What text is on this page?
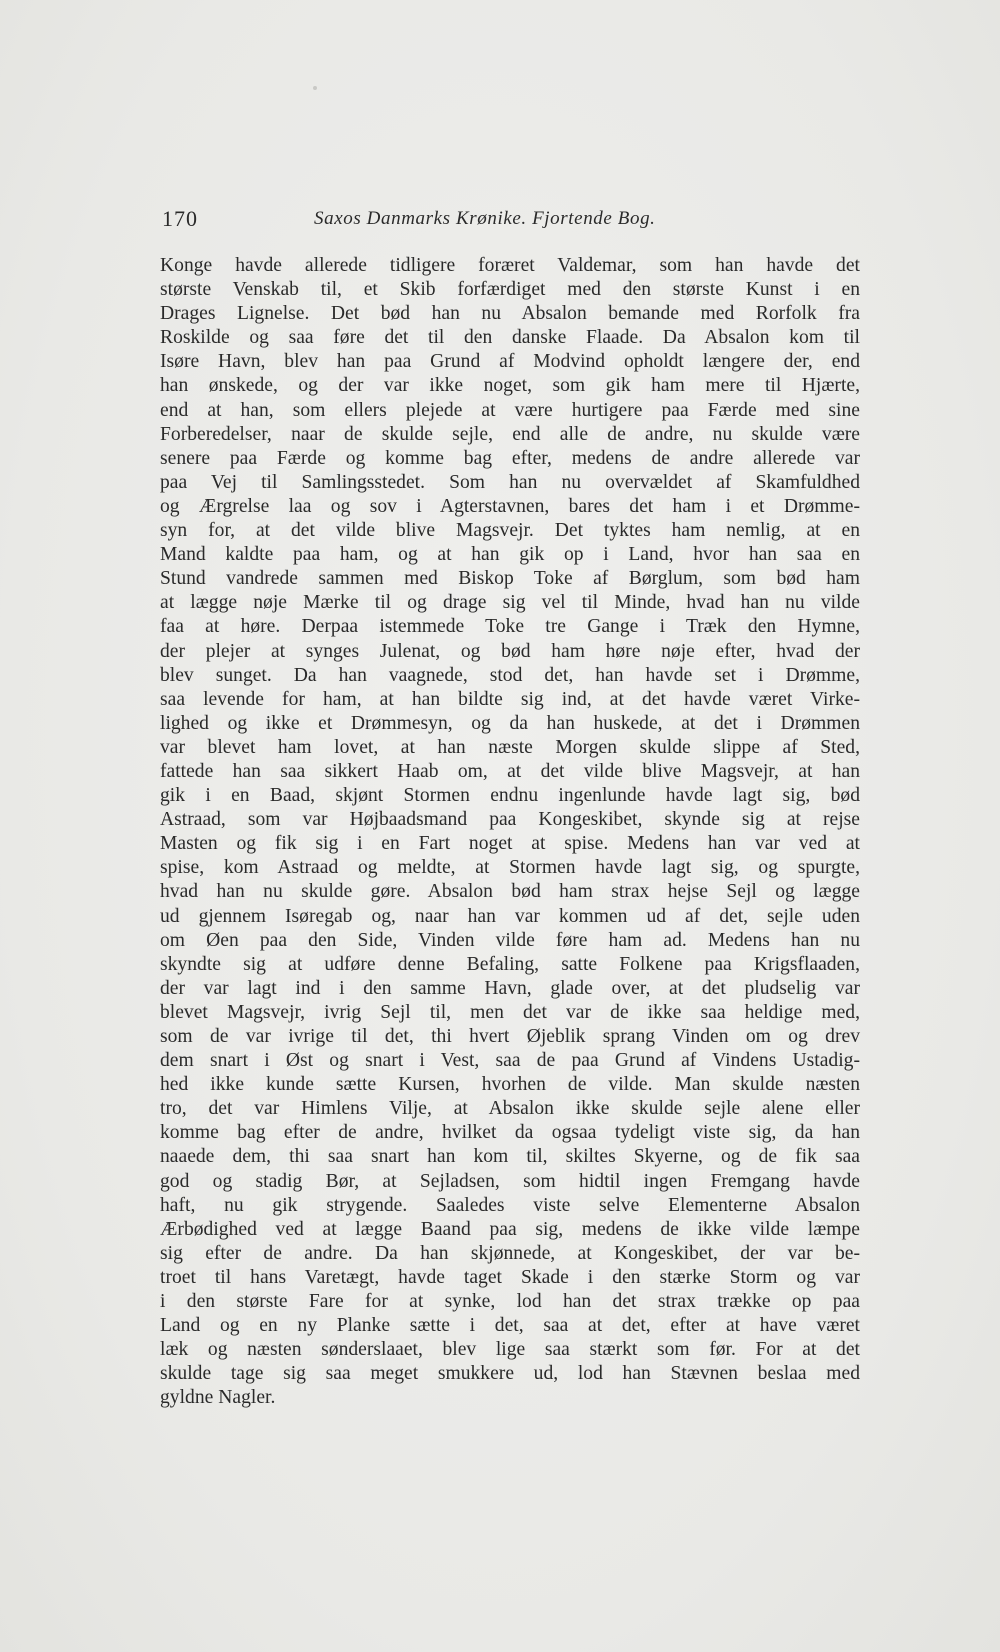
170	Saxos Danmarks Krønike. Fjortende Bog.
Konge havde allerede tidligere foræret Valdemar, som han havde det
største Venskab til, et Skib forfærdiget med den største Kunst i en
Drages Lignelse. Det bød han nu Absalon bemande med Rorfolk fra
Roskilde og saa føre det til den danske Flaade. Da Absalon kom til
Isøre Havn, blev han paa Grund af Modvind opholdt længere der, end
han ønskede, og der var ikke noget, som gik ham mere til Hjærte,
end at han, som ellers plejede at være hurtigere paa Færde med sine
Forberedelser, naar de skulde sejle, end alle de andre, nu skulde være
senere paa Færde og komme bag efter, medens de andre allerede var
paa Vej til Samlingsstedet. Som han nu overvældet af Skamfuldhed
og Ærgrelse laa og sov i Agterstavnen, bares det ham i et Drømme-
syn for, at det vilde blive Magsvejr. Det tyktes ham nemlig, at en
Mand kaldte paa ham, og at han gik op i Land, hvor han saa en
Stund vandrede sammen med Biskop Toke af Børglum, som bød ham
at lægge nøje Mærke til og drage sig vel til Minde, hvad han nu vilde
faa at høre. Derpaa istemmede Toke tre Gange i Træk den Hymne,
der plejer at synges Julenat, og bød ham høre nøje efter, hvad der
blev sunget. Da han vaagnede, stod det, han havde set i Drømme,
saa levende for ham, at han bildte sig ind, at det havde været Virke-
lighed og ikke et Drømmesyn, og da han huskede, at det i Drømmen
var blevet ham lovet, at han næste Morgen skulde slippe af Sted,
fattede han saa sikkert Haab om, at det vilde blive Magsvejr, at han
gik i en Baad, skjønt Stormen endnu ingenlunde havde lagt sig, bød
Astraad, som var Højbaadsmand paa Kongeskibet, skynde sig at rejse
Masten og fik sig i en Fart noget at spise. Medens han var ved at
spise, kom Astraad og meldte, at Stormen havde lagt sig, og spurgte,
hvad han nu skulde gøre. Absalon bød ham strax hejse Sejl og lægge
ud gjennem Isøregab og, naar han var kommen ud af det, sejle uden
om Øen paa den Side, Vinden vilde føre ham ad. Medens han nu
skyndte sig at udføre denne Befaling, satte Folkene paa Krigsflaaden,
der var lagt ind i den samme Havn, glade over, at det pludselig var
blevet Magsvejr, ivrig Sejl til, men det var de ikke saa heldige med,
som de var ivrige til det, thi hvert Øjeblik sprang Vinden om og drev
dem snart i Øst og snart i Vest, saa de paa Grund af Vindens Ustadig-
hed ikke kunde sætte Kursen, hvorhen de vilde. Man skulde næsten
tro, det var Himlens Vilje, at Absalon ikke skulde sejle alene eller
komme bag efter de andre, hvilket da ogsaa tydeligt viste sig, da han
naaede dem, thi saa snart han kom til, skiltes Skyerne, og de fik saa
god og stadig Bør, at Sejladsen, som hidtil ingen Fremgang havde
haft, nu gik strygende. Saaledes viste selve Elementerne Absalon
Ærbødighed ved at lægge Baand paa sig, medens de ikke vilde læmpe
sig efter de andre. Da han skjønnede, at Kongeskibet, der var be-
troet til hans Varetægt, havde taget Skade i den stærke Storm og var
i den største Fare for at synke, lod han det strax trække op paa
Land og en ny Planke sætte i det, saa at det, efter at have været
læk og næsten sønderslaaet, blev lige saa stærkt som før. For at det
skulde tage sig saa meget smukkere ud, lod han Stævnen beslaa med
gyldne Nagler.
